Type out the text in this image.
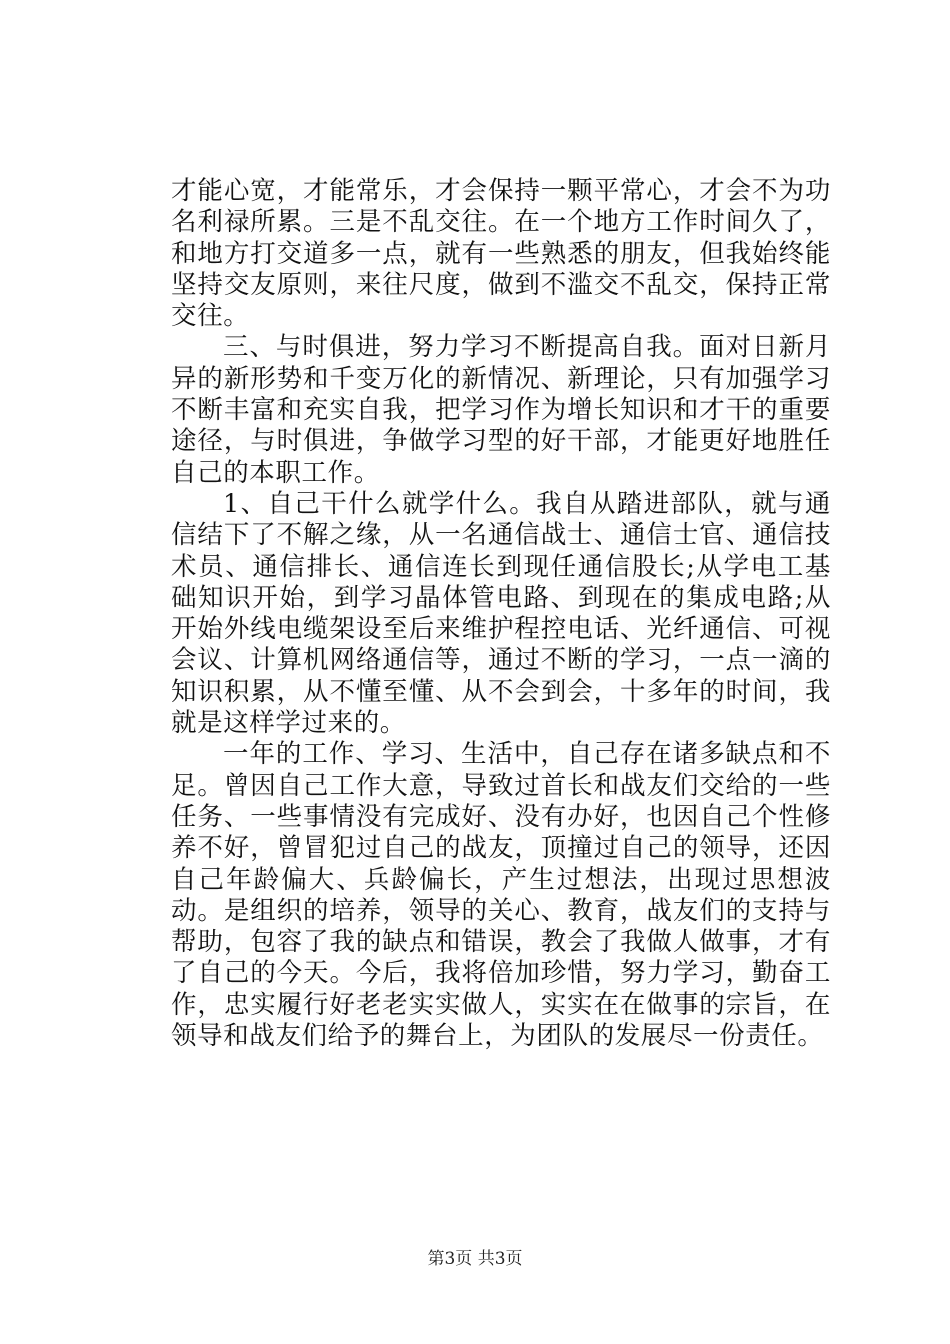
才能心宽，才能常乐，才会保持一颗平常心，才会不为功名利禄所累。三是不乱交往。在一个地方工作时间久了，和地方打交道多一点，就有一些熟悉的朋友，但我始终能坚持交友原则，来往尺度，做到不滥交不乱交，保持正常交往。

三、与时俱进，努力学习不断提高自我。面对日新月异的新形势和千变万化的新情况、新理论，只有加强学习不断丰富和充实自我，把学习作为增长知识和才干的重要途径，与时俱进，争做学习型的好干部，才能更好地胜任自己的本职工作。

1、自己干什么就学什么。我自从踏进部队，就与通信结下了不解之缘，从一名通信战士、通信士官、通信技术员、通信排长、通信连长到现任通信股长;从学电工基础知识开始，到学习晶体管电路、到现在的集成电路;从开始外线电缆架设至后来维护程控电话、光纤通信、可视会议、计算机网络通信等，通过不断的学习，一点一滴的知识积累，从不懂至懂、从不会到会，十多年的时间，我就是这样学过来的。

一年的工作、学习、生活中，自己存在诸多缺点和不足。曾因自己工作大意，导致过首长和战友们交给的一些任务、一些事情没有完成好、没有办好，也因自己个性修养不好，曾冒犯过自己的战友，顶撞过自己的领导，还因自己年龄偏大、兵龄偏长，产生过想法，出现过思想波动。是组织的培养，领导的关心、教育，战友们的支持与帮助，包容了我的缺点和错误，教会了我做人做事，才有了自己的今天。今后，我将倍加珍惜，努力学习，勤奋工作，忠实履行好老老实实做人，实实在在做事的宗旨，在领导和战友们给予的舞台上，为团队的发展尽一份责任。

第3页 共3页
